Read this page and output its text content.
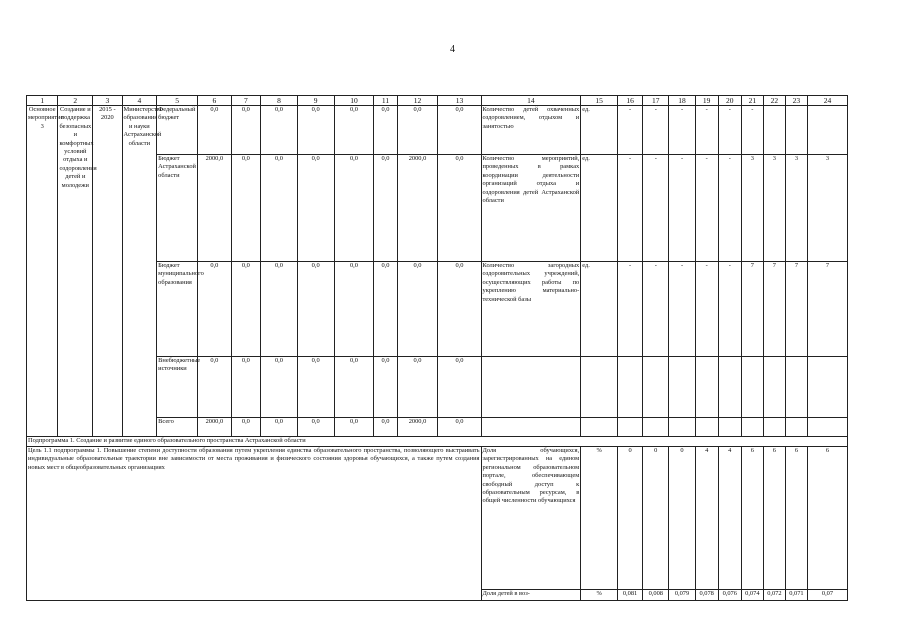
4
1	2	3	4	5	6	7	8	9	10	11	12	13	14	15	16	17	18	19	20	21	22	23	24
Основное мероприятие 3	Создание и поддержка безопасных и комфортных условий отдыха и оздоровления детей и молодежи	2015 - 2020	Министерство образования и науки Астраханской области	Федеральный бюджет	0,0	0,0	0,0	0,0	0,0	0,0	0,0	0,0	Количество детей охваченных оздоровлением, отдыхом и занятостью	ед.	-	-	-	-	-	-			
				Бюджет Астраханской области	2000,0	0,0	0,0	0,0	0,0	0,0	2000,0	0,0	Количество мероприятий, проведенных в рамках координации деятельности организаций отдыха и оздоровления детей Астраханской области	ед.	-	-	-	-	-	3	3	3	3
				Бюджет муниципального образования	0,0	0,0	0,0	0,0	0,0	0,0	0,0	0,0	Количество загородных оздоровительных учреждений, осуществляющих работы по укреплению материально-технической базы	ед.	-	-	-	-	-	7	7	7	7
				Внебюджетные источники	0,0	0,0	0,0	0,0	0,0	0,0	0,0	0,0											
				Всего	2000,0	0,0	0,0	0,0	0,0	0,0	2000,0	0,0											
Подпрограмма 1. Создание и развитие единого образовательного пространства Астраханской области																							
Цель 1.1 подпрограммы 1. Повышение степени доступности образования путем укрепления единства образовательного пространства, позволяющего выстраивать индивидуальные образовательные траектории вне зависимости от места проживания и физического состояния здоровья обучающихся, а также путем создания новых мест в общеобразовательных организациях													Доля обучающихся, зарегистрированных на едином региональном образовательном портале, обеспечивающем свободный доступ к образовательным ресурсам, в общей численности обучающихся	%	0	0	0	4	4	6	6	6	6
													Доля детей в воз-	%	0,081	0,008	0,079	0,078	0,076	0,074	0,072	0,071	0,07
